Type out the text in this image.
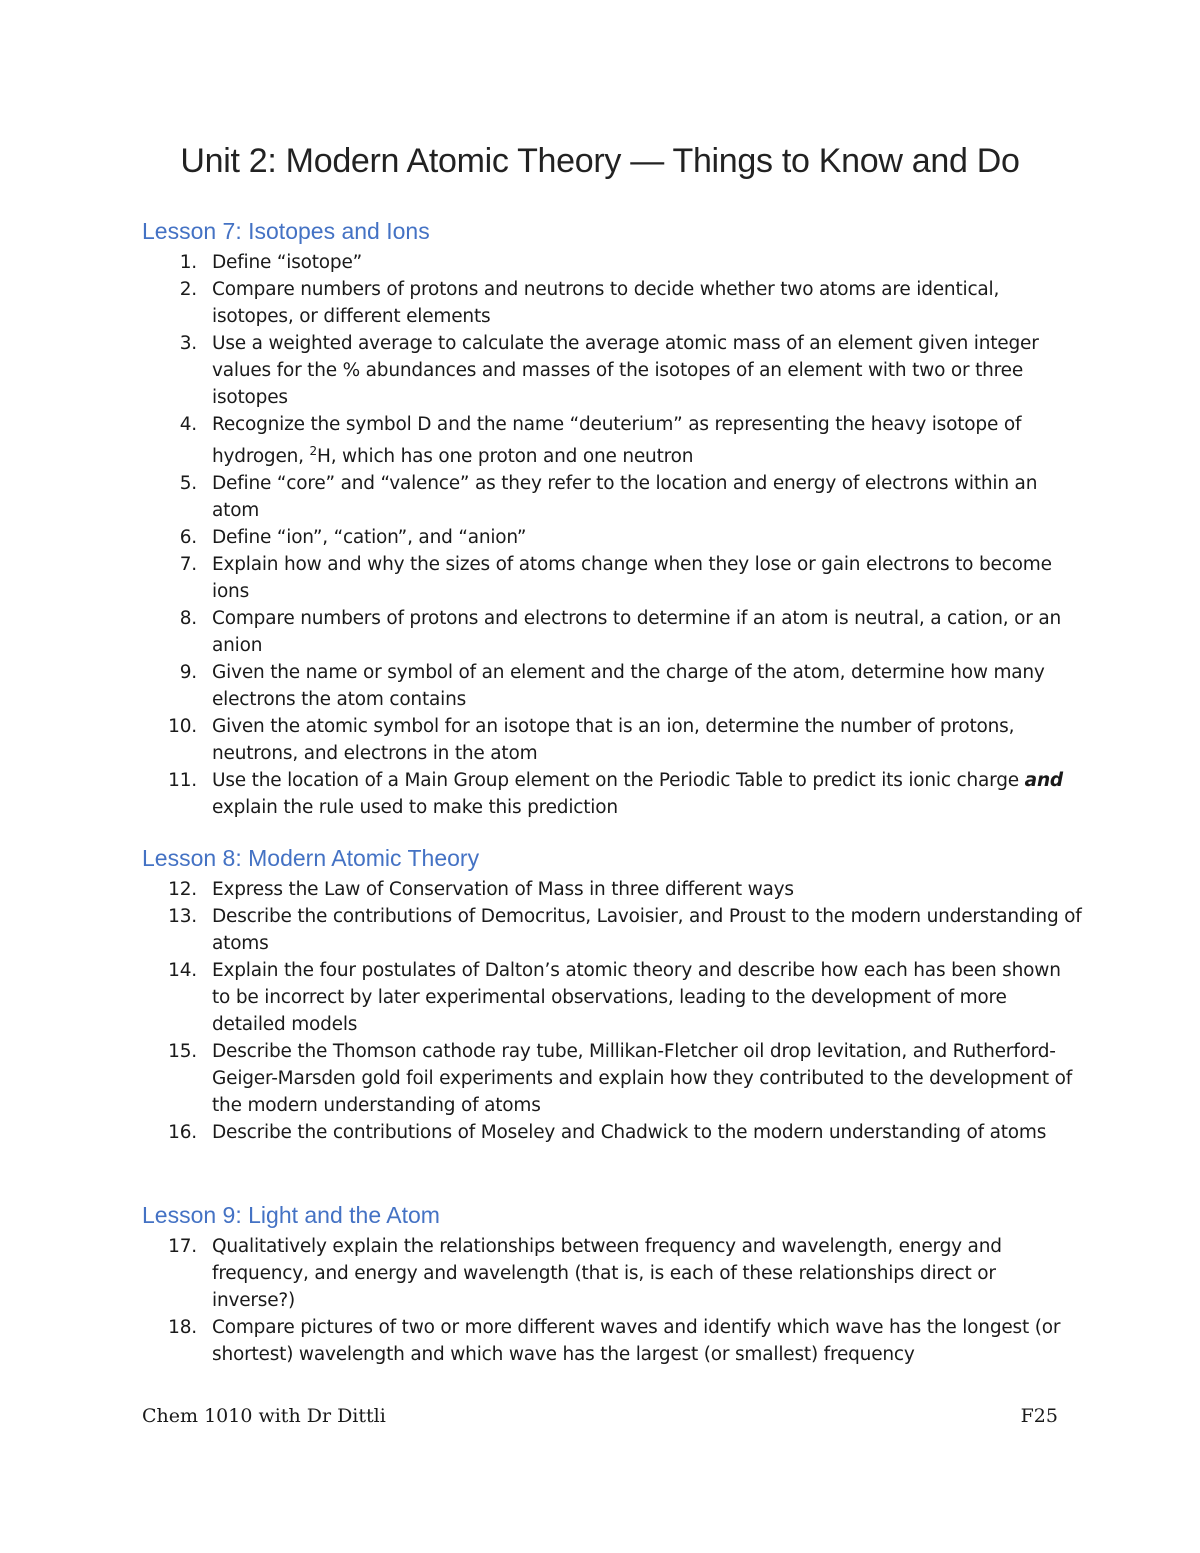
Unit 2: Modern Atomic Theory — Things to Know and Do
Lesson 7: Isotopes and Ions
1. Define “isotope”
2. Compare numbers of protons and neutrons to decide whether two atoms are identical, isotopes, or different elements
3. Use a weighted average to calculate the average atomic mass of an element given integer values for the % abundances and masses of the isotopes of an element with two or three isotopes
4. Recognize the symbol D and the name “deuterium” as representing the heavy isotope of hydrogen, $^2$H, which has one proton and one neutron
5. Define “core” and “valence” as they refer to the location and energy of electrons within an atom
6. Define “ion”, “cation”, and “anion”
7. Explain how and why the sizes of atoms change when they lose or gain electrons to become ions
8. Compare numbers of protons and electrons to determine if an atom is neutral, a cation, or an anion
9. Given the name or symbol of an element and the charge of the atom, determine how many electrons the atom contains
10. Given the atomic symbol for an isotope that is an ion, determine the number of protons, neutrons, and electrons in the atom
11. Use the location of a Main Group element on the Periodic Table to predict its ionic charge and explain the rule used to make this prediction
Lesson 8: Modern Atomic Theory
12. Express the Law of Conservation of Mass in three different ways
13. Describe the contributions of Democritus, Lavoisier, and Proust to the modern understanding of atoms
14. Explain the four postulates of Dalton’s atomic theory and describe how each has been shown to be incorrect by later experimental observations, leading to the development of more detailed models
15. Describe the Thomson cathode ray tube, Millikan-Fletcher oil drop levitation, and Rutherford-Geiger-Marsden gold foil experiments and explain how they contributed to the development of the modern understanding of atoms
16. Describe the contributions of Moseley and Chadwick to the modern understanding of atoms
Lesson 9: Light and the Atom
17. Qualitatively explain the relationships between frequency and wavelength, energy and frequency, and energy and wavelength (that is, is each of these relationships direct or inverse?)
18. Compare pictures of two or more different waves and identify which wave has the longest (or shortest) wavelength and which wave has the largest (or smallest) frequency
Chem 1010 with Dr Dittli	F25
